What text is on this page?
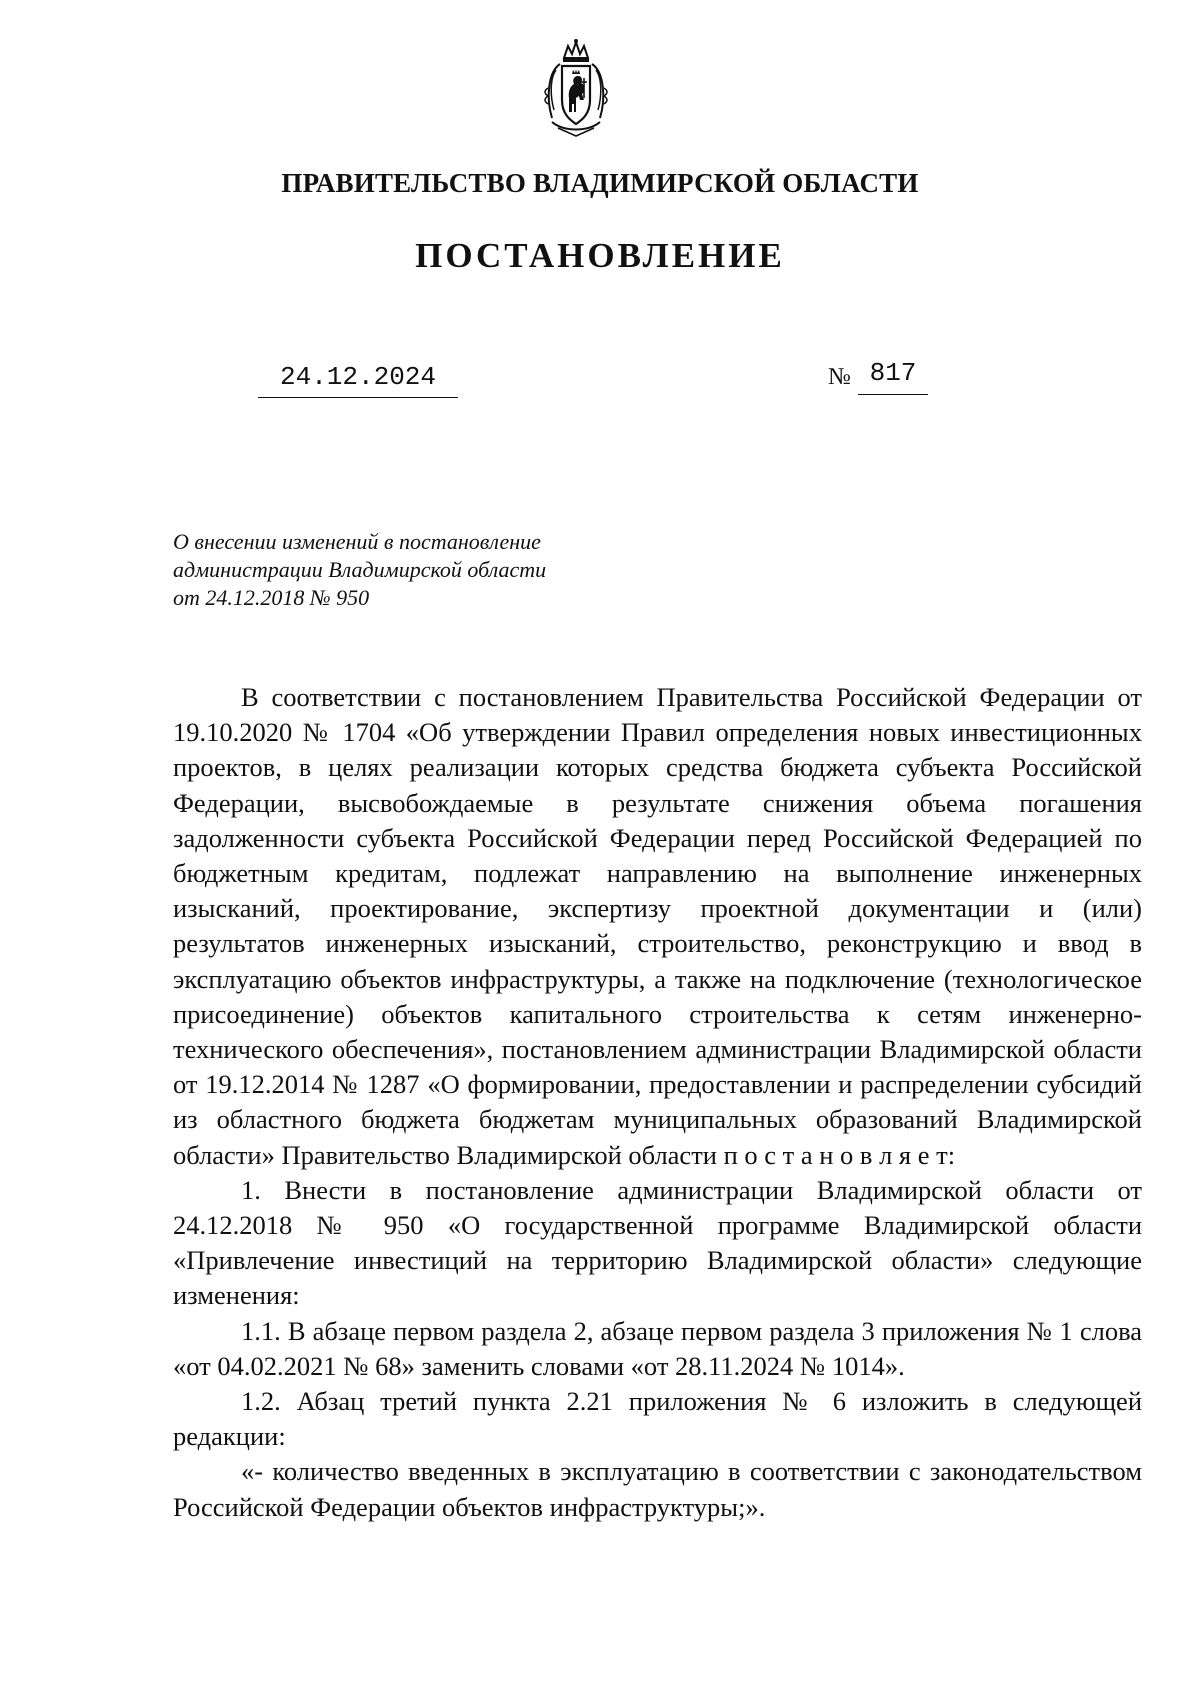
ПРАВИТЕЛЬСТВО ВЛАДИМИРСКОЙ ОБЛАСТИ
ПОСТАНОВЛЕНИЕ
24.12.2024	№ 817
О внесении изменений в постановление
администрации Владимирской области
от 24.12.2018 № 950

В соответствии с постановлением Правительства Российской Федерации от 19.10.2020 № 1704 «Об утверждении Правил определения новых инвестиционных проектов, в целях реализации которых средства бюджета субъекта Российской Федерации, высвобождаемые в результате снижения объема погашения задолженности субъекта Российской Федерации перед Российской Федерацией по бюджетным кредитам, подлежат направлению на выполнение инженерных изысканий, проектирование, экспертизу проектной документации и (или) результатов инженерных изысканий, строительство, реконструкцию и ввод в эксплуатацию объектов инфраструктуры, а также на подключение (технологическое присоединение) объектов капитального строительства к сетям инженерно-технического обеспечения», постановлением администрации Владимирской области от 19.12.2014 № 1287 «О формировании, предоставлении и распределении субсидий из областного бюджета бюджетам муниципальных образований Владимирской области» Правительство Владимирской области п о с т а н о в л я е т:

1. Внести в постановление администрации Владимирской области от 24.12.2018 № 950 «О государственной программе Владимирской области «Привлечение инвестиций на территорию Владимирской области» следующие изменения:

1.1. В абзаце первом раздела 2, абзаце первом раздела 3 приложения № 1 слова «от 04.02.2021 № 68» заменить словами «от 28.11.2024 № 1014».

1.2. Абзац третий пункта 2.21 приложения № 6 изложить в следующей редакции:

«- количество введенных в эксплуатацию в соответствии с законодательством Российской Федерации объектов инфраструктуры;».
